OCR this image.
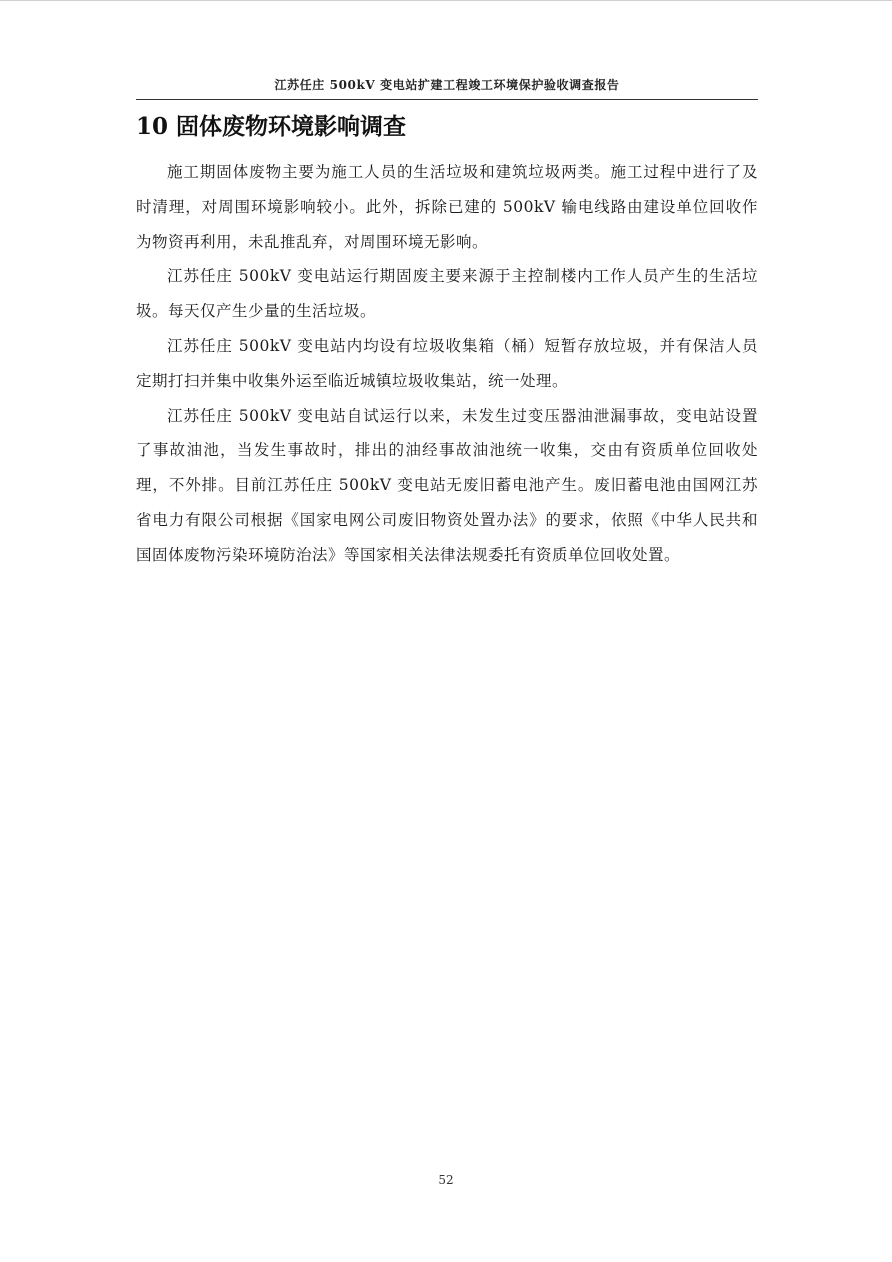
江苏任庄 500kV 变电站扩建工程竣工环境保护验收调查报告
10 固体废物环境影响调查

施工期固体废物主要为施工人员的生活垃圾和建筑垃圾两类。施工过程中进行了及时清理，对周围环境影响较小。此外，拆除已建的 500kV 输电线路由建设单位回收作为物资再利用，未乱推乱弃，对周围环境无影响。

江苏任庄 500kV 变电站运行期固废主要来源于主控制楼内工作人员产生的生活垃圾。每天仅产生少量的生活垃圾。

江苏任庄 500kV 变电站内均设有垃圾收集箱（桶）短暂存放垃圾，并有保洁人员定期打扫并集中收集外运至临近城镇垃圾收集站，统一处理。

江苏任庄 500kV 变电站自试运行以来，未发生过变压器油泄漏事故，变电站设置了事故油池，当发生事故时，排出的油经事故油池统一收集，交由有资质单位回收处理，不外排。目前江苏任庄 500kV 变电站无废旧蓄电池产生。废旧蓄电池由国网江苏省电力有限公司根据《国家电网公司废旧物资处置办法》的要求，依照《中华人民共和国固体废物污染环境防治法》等国家相关法律法规委托有资质单位回收处置。

52
